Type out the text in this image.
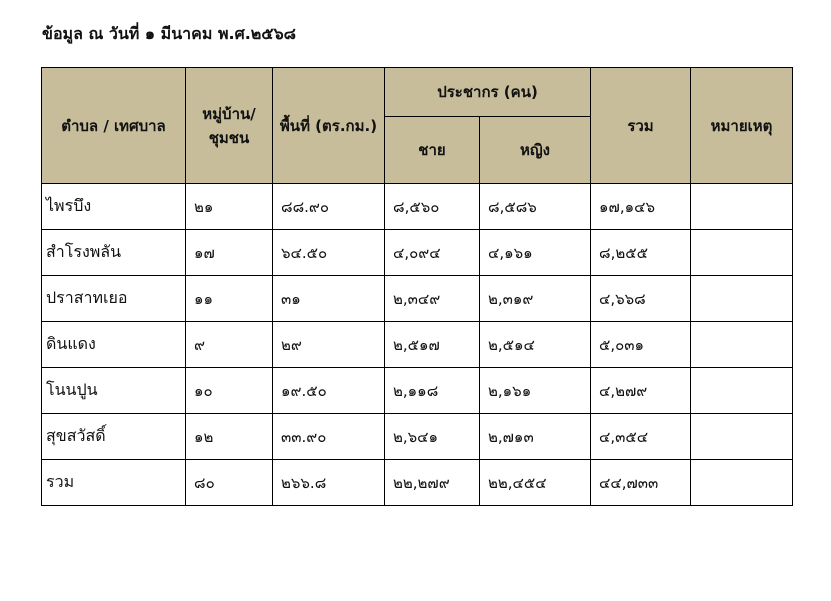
ข้อมูล ณ วันที่ ๑ มีนาคม พ.ศ.๒๕๖๘
ตำบล / เทศบาล	หมู่บ้าน/ชุมชน	พื้นที่ (ตร.กม.)	ประชากร (คน)		รวม	หมายเหตุ
			ชาย	หญิง		
ไพรบึง	๒๑	๘๘.๙๐	๘,๕๖๐	๘,๕๘๖	๑๗,๑๔๖	
สำโรงพลัน	๑๗	๖๔.๕๐	๔,๐๙๔	๔,๑๖๑	๘,๒๕๕	
ปราสาทเยอ	๑๑	๓๑	๒,๓๔๙	๒,๓๑๙	๔,๖๖๘	
ดินแดง	๙	๒๙	๒,๕๑๗	๒,๕๑๔	๕,๐๓๑	
โนนปูน	๑๐	๑๙.๕๐	๒,๑๑๘	๒,๑๖๑	๔,๒๗๙	
สุขสวัสดิ์	๑๒	๓๓.๙๐	๒,๖๔๑	๒,๗๑๓	๔,๓๕๔	
รวม	๘๐	๒๖๖.๘	๒๒,๒๗๙	๒๒,๔๕๔	๔๔,๗๓๓	
